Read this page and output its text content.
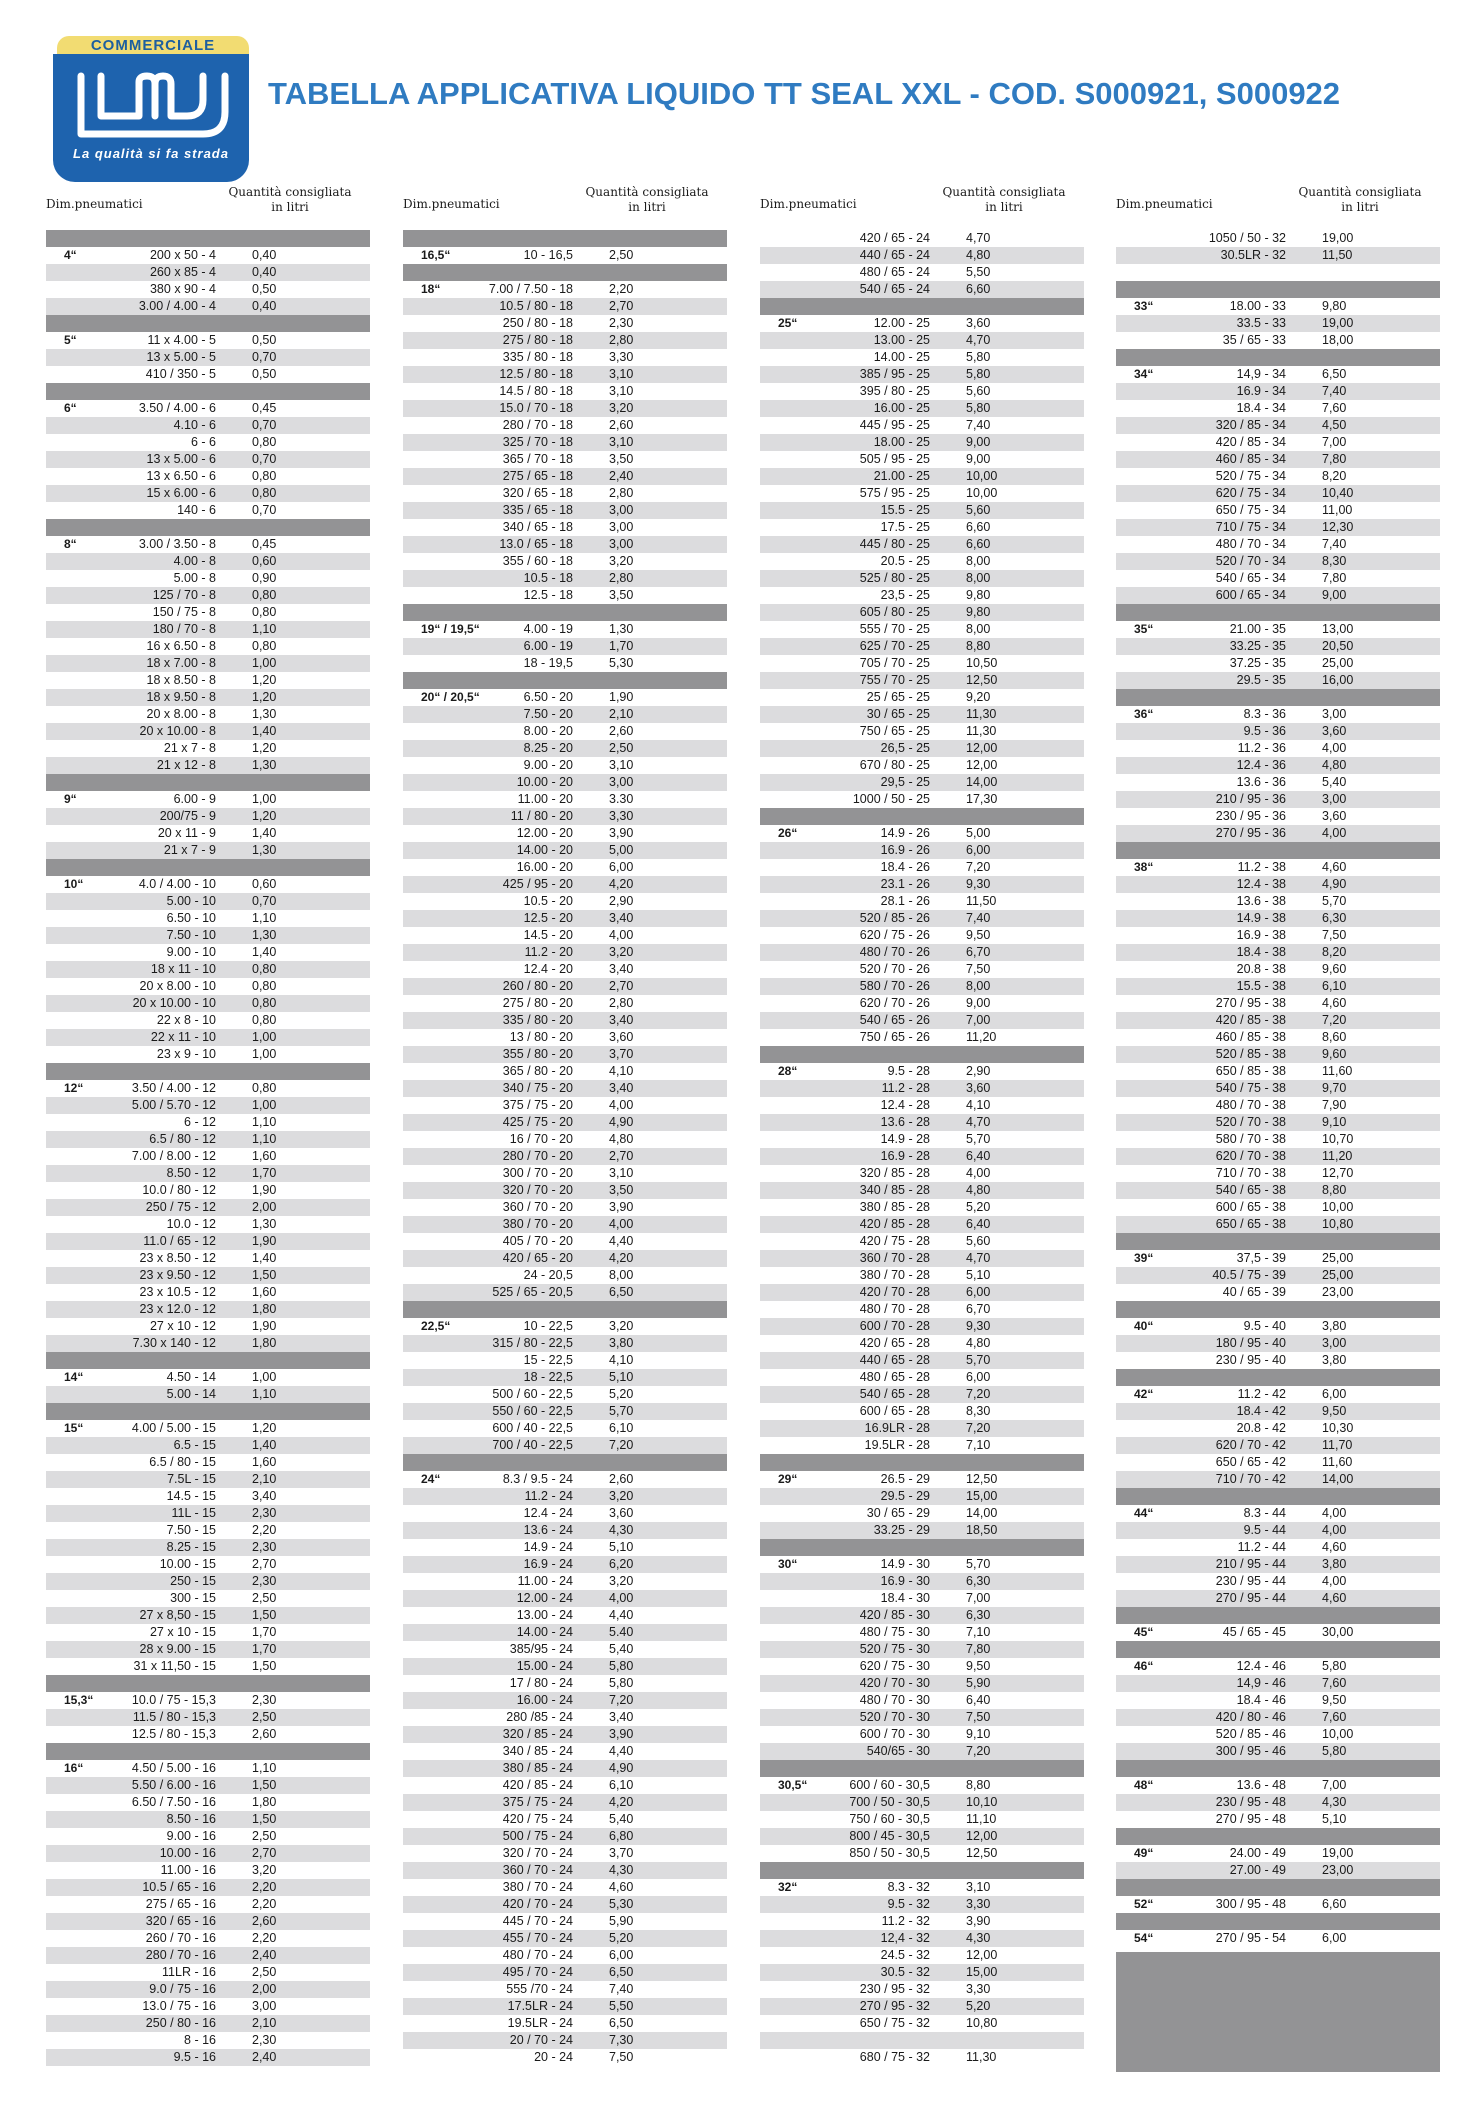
COMMERCIALE
La qualità si fa strada
TABELLA APPLICATIVA LIQUIDO TT SEAL XXL - COD. S000921, S000922
Dim.pneumatici
Quantità consigliata
in litri
4“	200 x 50 - 4	0,40
260 x 85 - 4	0,40
380 x 90 - 4	0,50
3.00 / 4.00 - 4	0,40
5“	11 x 4.00 - 5	0,50
13 x 5.00 - 5	0,70
410 / 350 - 5	0,50
6“	3.50 / 4.00 - 6	0,45
4.10 - 6	0,70
6 - 6	0,80
13 x 5.00 - 6	0,70
13 x 6.50 - 6	0,80
15 x 6.00 - 6	0,80
140 - 6	0,70
8“	3.00 / 3.50 - 8	0,45
4.00 - 8	0,60
5.00 - 8	0,90
125 / 70 - 8	0,80
150 / 75 - 8	0,80
180 / 70 - 8	1,10
16 x 6.50 - 8	0,80
18 x 7.00 - 8	1,00
18 x 8.50 - 8	1,20
18 x 9.50 - 8	1,20
20 x 8.00 - 8	1,30
20 x 10.00 - 8	1,40
21 x 7 - 8	1,20
21 x 12 - 8	1,30
9“	6.00 - 9	1,00
200/75 - 9	1,20
20 x 11 - 9	1,40
21 x 7 - 9	1,30
10“	4.0 / 4.00 - 10	0,60
5.00 - 10	0,70
6.50 - 10	1,10
7.50 - 10	1,30
9.00 - 10	1,40
18 x 11 - 10	0,80
20 x 8.00 - 10	0,80
20 x 10.00 - 10	0,80
22 x 8 - 10	0,80
22 x 11 - 10	1,00
23 x 9 - 10	1,00
12“	3.50 / 4.00 - 12	0,80
5.00 / 5.70 - 12	1,00
6 - 12	1,10
6.5 / 80 - 12	1,10
7.00 / 8.00 - 12	1,60
8.50 - 12	1,70
10.0 / 80 - 12	1,90
250 / 75 - 12	2,00
10.0 - 12	1,30
11.0 / 65 - 12	1,90
23 x 8.50 - 12	1,40
23 x 9.50 - 12	1,50
23 x 10.5 - 12	1,60
23 x 12.0 - 12	1,80
27 x 10 - 12	1,90
7.30 x 140 - 12	1,80
14“	4.50 - 14	1,00
5.00 - 14	1,10
15“	4.00 / 5.00 - 15	1,20
6.5 - 15	1,40
6.5 / 80 - 15	1,60
7.5L - 15	2,10
14.5 - 15	3,40
11L - 15	2,30
7.50 - 15	2,20
8.25 - 15	2,30
10.00 - 15	2,70
250 - 15	2,30
300 - 15	2,50
27 x 8,50 - 15	1,50
27 x 10 - 15	1,70
28 x 9.00 - 15	1,70
31 x 11,50 - 15	1,50
15,3“	10.0 / 75 - 15,3	2,30
11.5 / 80 - 15,3	2,50
12.5 / 80 - 15,3	2,60
16“	4.50 / 5.00 - 16	1,10
5.50 / 6.00 - 16	1,50
6.50 / 7.50 - 16	1,80
8.50 - 16	1,50
9.00 - 16	2,50
10.00 - 16	2,70
11.00 - 16	3,20
10.5 / 65 - 16	2,20
275 / 65 - 16	2,20
320 / 65 - 16	2,60
260 / 70 - 16	2,20
280 / 70 - 16	2,40
11LR - 16	2,50
9.0 / 75 - 16	2,00
13.0 / 75 - 16	3,00
250 / 80 - 16	2,10
8 - 16	2,30
9.5 - 16	2,40
Dim.pneumatici
Quantità consigliata
in litri
16,5“	10 - 16,5	2,50
18“	7.00 / 7.50 - 18	2,20
10.5 / 80 - 18	2,70
250 / 80 - 18	2,30
275 / 80 - 18	2,80
335 / 80 - 18	3,30
12.5 / 80 - 18	3,10
14.5 / 80 - 18	3,10
15.0 / 70 - 18	3,20
280 / 70 - 18	2,60
325 / 70 - 18	3,10
365 / 70 - 18	3,50
275 / 65 - 18	2,40
320 / 65 - 18	2,80
335 / 65 - 18	3,00
340 / 65 - 18	3,00
13.0 / 65 - 18	3,00
355 / 60 - 18	3,20
10.5 - 18	2,80
12.5 - 18	3,50
19“ / 19,5“	4.00 - 19	1,30
6.00 - 19	1,70
18 - 19,5	5,30
20“ / 20,5“	6.50 - 20	1,90
7.50 - 20	2,10
8.00 - 20	2,60
8.25 - 20	2,50
9.00 - 20	3,10
10.00 - 20	3,00
11.00 - 20	3.30
11 / 80 - 20	3,30
12.00 - 20	3,90
14.00 - 20	5,00
16.00 - 20	6,00
425 / 95 - 20	4,20
10.5 - 20	2,90
12.5 - 20	3,40
14.5 - 20	4,00
11.2 - 20	3,20
12.4 - 20	3,40
260 / 80 - 20	2,70
275 / 80 - 20	2,80
335 / 80 - 20	3,40
13 / 80 - 20	3,60
355 / 80 - 20	3,70
365 / 80 - 20	4,10
340 / 75 - 20	3,40
375 / 75 - 20	4,00
425 / 75 - 20	4,90
16 / 70 - 20	4,80
280 / 70 - 20	2,70
300 / 70 - 20	3,10
320 / 70 - 20	3,50
360 / 70 - 20	3,90
380 / 70 - 20	4,00
405 / 70 - 20	4,40
420 / 65 - 20	4,20
24 - 20,5	8,00
525 / 65 - 20,5	6,50
22,5“	10 - 22,5	3,20
315 / 80 - 22,5	3,80
15 - 22,5	4,10
18 - 22,5	5,10
500 / 60 - 22,5	5,20
550 / 60 - 22,5	5,70
600 / 40 - 22,5	6,10
700 / 40 - 22,5	7,20
24“	8.3 / 9.5 - 24	2,60
11.2 - 24	3,20
12.4 - 24	3,60
13.6 - 24	4,30
14.9 - 24	5,10
16.9 - 24	6,20
11.00 - 24	3,20
12.00 - 24	4,00
13.00 - 24	4,40
14.00 - 24	5.40
385/95 - 24	5,40
15.00 - 24	5,80
17 / 80 - 24	5,80
16.00 - 24	7,20
280 /85 - 24	3,40
320 / 85 - 24	3,90
340 / 85 - 24	4,40
380 / 85 - 24	4,90
420 / 85 - 24	6,10
375 / 75 - 24	4,20
420 / 75 - 24	5,40
500 / 75 - 24	6,80
320 / 70 - 24	3,70
360 / 70 - 24	4,30
380 / 70 - 24	4,60
420 / 70 - 24	5,30
445 / 70 - 24	5,90
455 / 70 - 24	5,20
480 / 70 - 24	6,00
495 / 70 - 24	6,50
555 /70 - 24	7,40
17.5LR - 24	5,50
19.5LR - 24	6,50
20 / 70 - 24	7,30
20 - 24	7,50
Dim.pneumatici
Quantità consigliata
in litri
420 / 65 - 24	4,70
440 / 65 - 24	4,80
480 / 65 - 24	5,50
540 / 65 - 24	6,60
25“	12.00 - 25	3,60
13.00 - 25	4,70
14.00 - 25	5,80
385 / 95 - 25	5,80
395 / 80 - 25	5,60
16.00 - 25	5,80
445 / 95 - 25	7,40
18.00 - 25	9,00
505 / 95 - 25	9,00
21.00 - 25	10,00
575 / 95 - 25	10,00
15.5 - 25	5,60
17.5 - 25	6,60
445 / 80 - 25	6,60
20.5 - 25	8,00
525 / 80 - 25	8,00
23,5 - 25	9,80
605 / 80 - 25	9,80
555 / 70 - 25	8,00
625 / 70 - 25	8,80
705 / 70 - 25	10,50
755 / 70 - 25	12,50
25 / 65 - 25	9,20
30 / 65 - 25	11,30
750 / 65 - 25	11,30
26,5 - 25	12,00
670 / 80 - 25	12,00
29,5 - 25	14,00
1000 / 50 - 25	17,30
26“	14.9 - 26	5,00
16.9 - 26	6,00
18.4 - 26	7,20
23.1 - 26	9,30
28.1 - 26	11,50
520 / 85 - 26	7,40
620 / 75 - 26	9,50
480 / 70 - 26	6,70
520 / 70 - 26	7,50
580 / 70 - 26	8,00
620 / 70 - 26	9,00
540 / 65 - 26	7,00
750 / 65 - 26	11,20
28“	9.5 - 28	2,90
11.2 - 28	3,60
12.4 - 28	4,10
13.6 - 28	4,70
14.9 - 28	5,70
16.9 - 28	6,40
320 / 85 - 28	4,00
340 / 85 - 28	4,80
380 / 85 - 28	5,20
420 / 85 - 28	6,40
420 / 75 - 28	5,60
360 / 70 - 28	4,70
380 / 70 - 28	5,10
420 / 70 - 28	6,00
480 / 70 - 28	6,70
600 / 70 - 28	9,30
420 / 65 - 28	4,80
440 / 65 - 28	5,70
480 / 65 - 28	6,00
540 / 65 - 28	7,20
600 / 65 - 28	8,30
16.9LR - 28	7,20
19.5LR - 28	7,10
29“	26.5 - 29	12,50
29.5 - 29	15,00
30 / 65 - 29	14,00
33.25 - 29	18,50
30“	14.9 - 30	5,70
16.9 - 30	6,30
18.4 - 30	7,00
420 / 85 - 30	6,30
480 / 75 - 30	7,10
520 / 75 - 30	7,80
620 / 75 - 30	9,50
420 / 70 - 30	5,90
480 / 70 - 30	6,40
520 / 70 - 30	7,50
600 / 70 - 30	9,10
540/65 - 30	7,20
30,5“	600 / 60 - 30,5	8,80
700 / 50 - 30,5	10,10
750 / 60 - 30,5	11,10
800 / 45 - 30,5	12,00
850 / 50 - 30,5	12,50
32“	8.3 - 32	3,10
9.5 - 32	3,30
11.2 - 32	3,90
12,4 - 32	4,30
24.5 - 32	12,00
30.5 - 32	15,00
230 / 95 - 32	3,30
270 / 95 - 32	5,20
650 / 75 - 32	10,80
680 / 75 - 32	11,30
Dim.pneumatici
Quantità consigliata
in litri
1050 / 50 - 32	19,00
30.5LR - 32	11,50
33“	18.00 - 33	9,80
33.5 - 33	19,00
35 / 65 - 33	18,00
34“	14,9 - 34	6,50
16.9 - 34	7,40
18.4 - 34	7,60
320 / 85 - 34	4,50
420 / 85 - 34	7,00
460 / 85 - 34	7,80
520 / 75 - 34	8,20
620 / 75 - 34	10,40
650 / 75 - 34	11,00
710 / 75 - 34	12,30
480 / 70 - 34	7,40
520 / 70 - 34	8,30
540 / 65 - 34	7,80
600 / 65 - 34	9,00
35“	21.00 - 35	13,00
33.25 - 35	20,50
37.25 - 35	25,00
29.5 - 35	16,00
36“	8.3 - 36	3,00
9.5 - 36	3,60
11.2 - 36	4,00
12.4 - 36	4,80
13.6 - 36	5,40
210 / 95 - 36	3,00
230 / 95 - 36	3,60
270 / 95 - 36	4,00
38“	11.2 - 38	4,60
12.4 - 38	4,90
13.6 - 38	5,70
14.9 - 38	6,30
16.9 - 38	7,50
18.4 - 38	8,20
20.8 - 38	9,60
15.5 - 38	6,10
270 / 95 - 38	4,60
420 / 85 - 38	7,20
460 / 85 - 38	8,60
520 / 85 - 38	9,60
650 / 85 - 38	11,60
540 / 75 - 38	9,70
480 / 70 - 38	7,90
520 / 70 - 38	9,10
580 / 70 - 38	10,70
620 / 70 - 38	11,20
710 / 70 - 38	12,70
540 / 65 - 38	8,80
600 / 65 - 38	10,00
650 / 65 - 38	10,80
39“	37,5 - 39	25,00
40.5 / 75 - 39	25,00
40 / 65 - 39	23,00
40“	9.5 - 40	3,80
180 / 95 - 40	3,00
230 / 95 - 40	3,80
42“	11.2 - 42	6,00
18.4 - 42	9,50
20.8 - 42	10,30
620 / 70 - 42	11,70
650 / 65 - 42	11,60
710 / 70 - 42	14,00
44“	8.3 - 44	4,00
9.5 - 44	4,00
11.2 - 44	4,60
210 / 95 - 44	3,80
230 / 95 - 44	4,00
270 / 95 - 44	4,60
45“	45 / 65 - 45	30,00
46“	12.4 - 46	5,80
14,9 - 46	7,60
18.4 - 46	9,50
420 / 80 - 46	7,60
520 / 85 - 46	10,00
300 / 95 - 46	5,80
48“	13.6 - 48	7,00
230 / 95 - 48	4,30
270 / 95 - 48	5,10
49“	24.00 - 49	19,00
27.00 - 49	23,00
52“	300 / 95 - 48	6,60
54“	270 / 95 - 54	6,00
